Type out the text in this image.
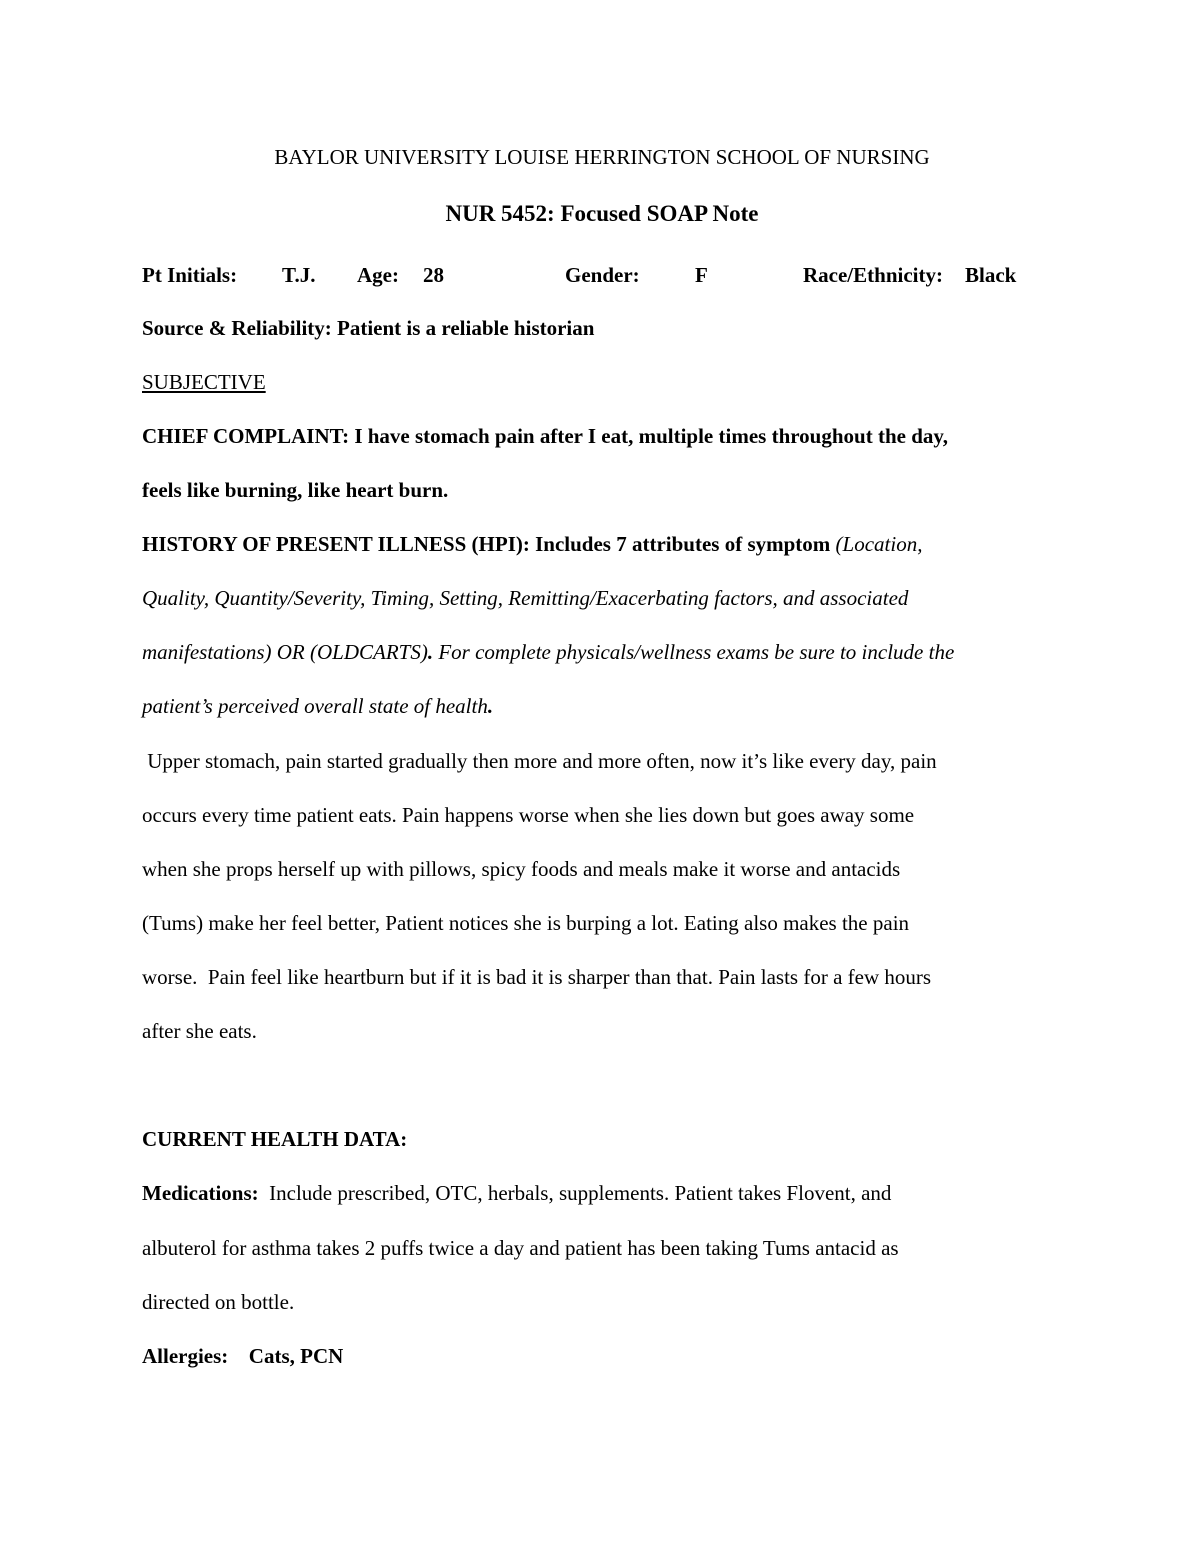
BAYLOR UNIVERSITY LOUISE HERRINGTON SCHOOL OF NURSING
NUR 5452: Focused SOAP Note
Pt Initials: T.J. Age: 28	Gender:	F	Race/Ethnicity: Black
Source & Reliability: Patient is a reliable historian
SUBJECTIVE
CHIEF COMPLAINT: I have stomach pain after I eat, multiple times throughout the day,
feels like burning, like heart burn.
HISTORY OF PRESENT ILLNESS (HPI): Includes 7 attributes of symptom (Location,
Quality, Quantity/Severity, Timing, Setting, Remitting/Exacerbating factors, and associated
manifestations) OR (OLDCARTS). For complete physicals/wellness exams be sure to include the
patient’s perceived overall state of health.
Upper stomach, pain started gradually then more and more often, now it’s like every day, pain
occurs every time patient eats. Pain happens worse when she lies down but goes away some
when she props herself up with pillows, spicy foods and meals make it worse and antacids
(Tums) make her feel better, Patient notices she is burping a lot. Eating also makes the pain
worse.  Pain feel like heartburn but if it is bad it is sharper than that. Pain lasts for a few hours
after she eats.
CURRENT HEALTH DATA:
Medications:  Include prescribed, OTC, herbals, supplements. Patient takes Flovent, and
albuterol for asthma takes 2 puffs twice a day and patient has been taking Tums antacid as
directed on bottle.
Allergies: Cats, PCN
